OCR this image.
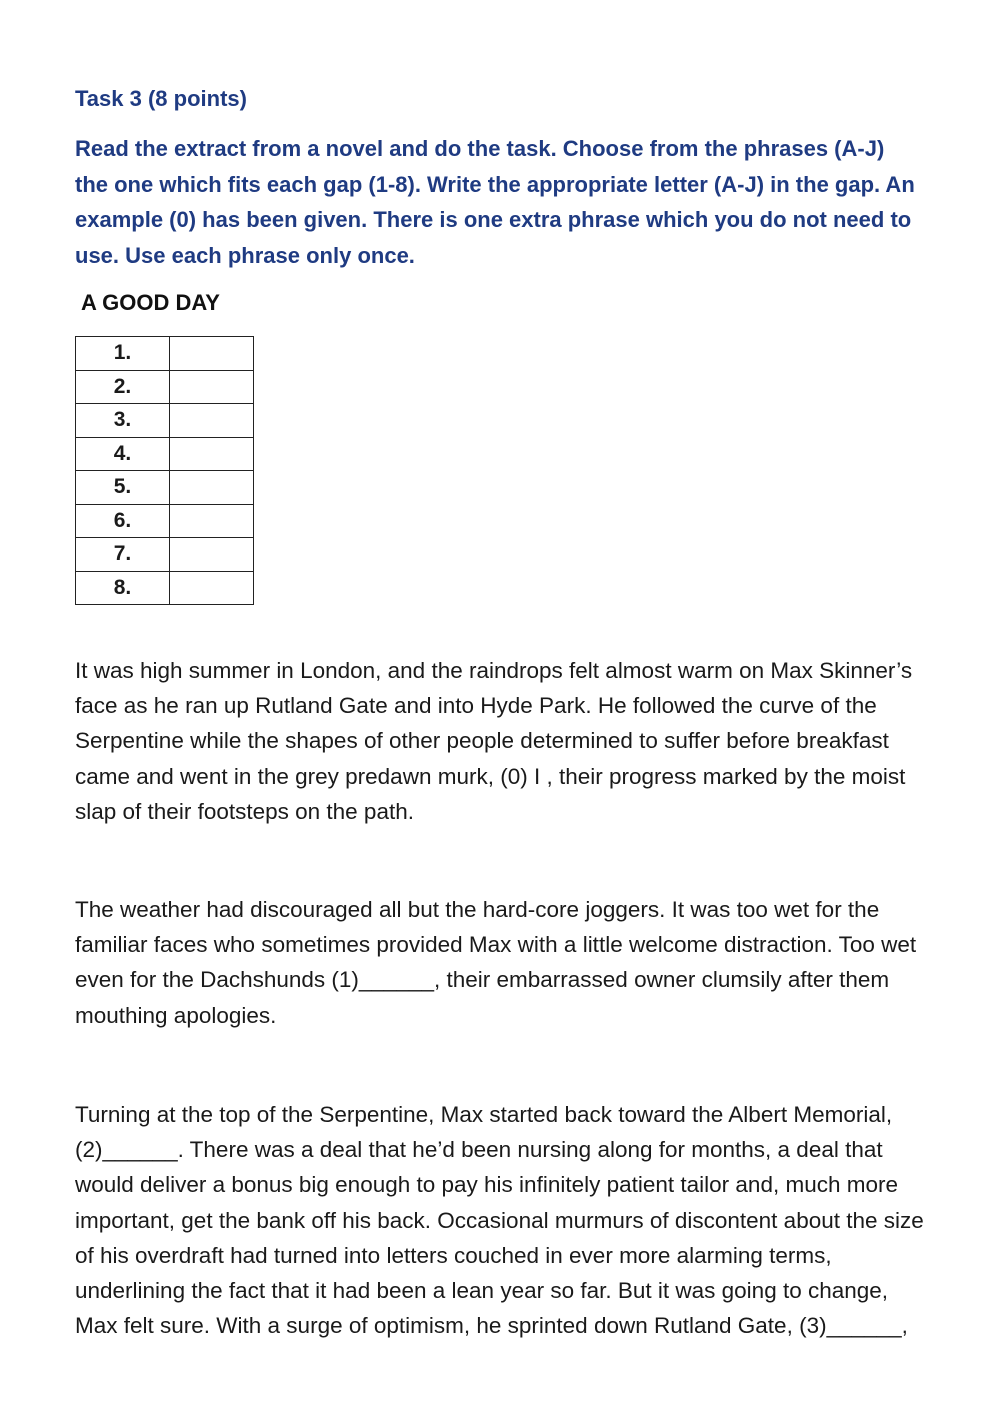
Task 3 (8 points)

Read the extract from a novel and do the task. Choose from the phrases (A-J) the one which fits each gap (1-8). Write the appropriate letter (A-J) in the gap. An example (0) has been given. There is one extra phrase which you do not need to use. Use each phrase only once.

A GOOD DAY

1.	
2.	
3.	
4.	
5.	
6.	
7.	
8.	

It was high summer in London, and the raindrops felt almost warm on Max Skinner’s face as he ran up Rutland Gate and into Hyde Park. He followed the curve of the Serpentine while the shapes of other people determined to suffer before breakfast came and went in the grey predawn murk, (0) I , their progress marked by the moist slap of their footsteps on the path.

The weather had discouraged all but the hard-core joggers. It was too wet for the familiar faces who sometimes provided Max with a little welcome distraction. Too wet even for the Dachshunds (1)______, their embarrassed owner clumsily after them mouthing apologies.

Turning at the top of the Serpentine, Max started back toward the Albert Memorial, (2)______. There was a deal that he’d been nursing along for months, a deal that would deliver a bonus big enough to pay his infinitely patient tailor and, much more important, get the bank off his back. Occasional murmurs of discontent about the size of his overdraft had turned into letters couched in ever more alarming terms, underlining the fact that it had been a lean year so far. But it was going to change, Max felt sure. With a surge of optimism, he sprinted down Rutland Gate, (3)______,
